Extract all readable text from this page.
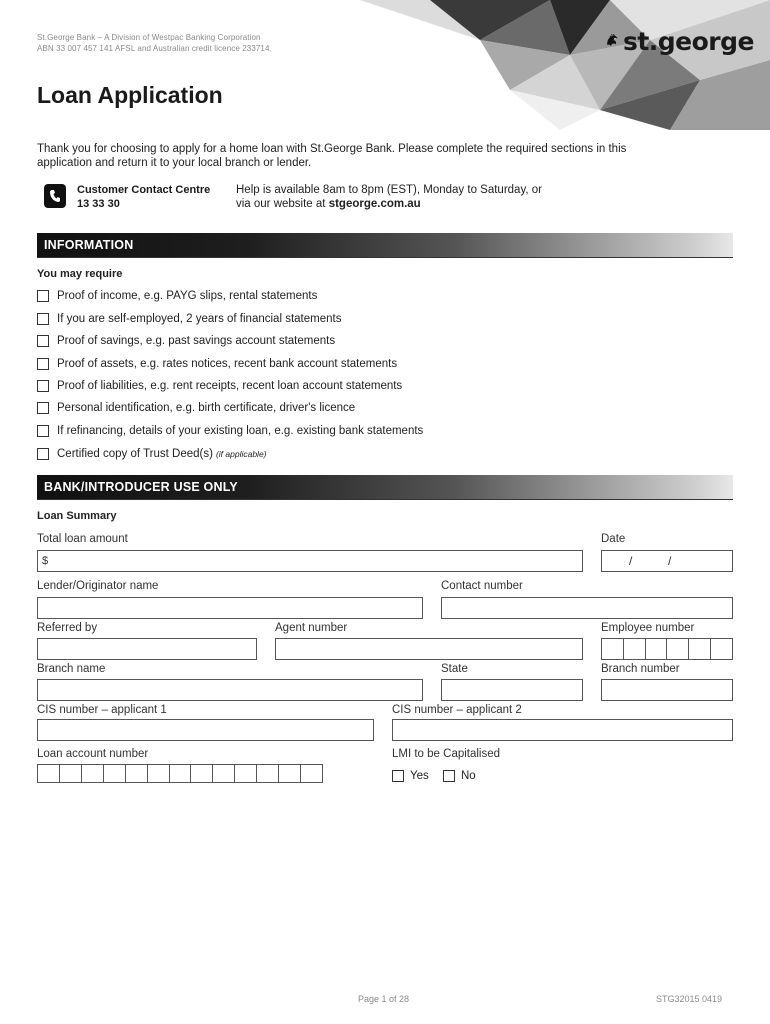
st.george
St.George Bank – A Division of Westpac Banking Corporation
ABN 33 007 457 141 AFSL and Australian credit licence 233714.
Loan Application
Thank you for choosing to apply for a home loan with St.George Bank. Please complete the required sections in this application and return it to your local branch or lender.
Customer Contact Centre
13 33 30
Help is available 8am to 8pm (EST), Monday to Saturday, or
via our website at stgeorge.com.au
INFORMATION
You may require
Proof of income, e.g. PAYG slips, rental statements
If you are self-employed, 2 years of financial statements
Proof of savings, e.g. past savings account statements
Proof of assets, e.g. rates notices, recent bank account statements
Proof of liabilities, e.g. rent receipts, recent loan account statements
Personal identification, e.g. birth certificate, driver's licence
If refinancing, details of your existing loan, e.g. existing bank statements
Certified copy of Trust Deed(s) (if applicable)
BANK/INTRODUCER USE ONLY
Loan Summary
Total loan amount
$
Date
/	/
Lender/Originator name	Contact number
Referred by	Agent number	Employee number
Branch name	State	Branch number
CIS number – applicant 1	CIS number – applicant 2
Loan account number	LMI to be Capitalised
Yes	No
Page 1 of 28	STG32015 0419
